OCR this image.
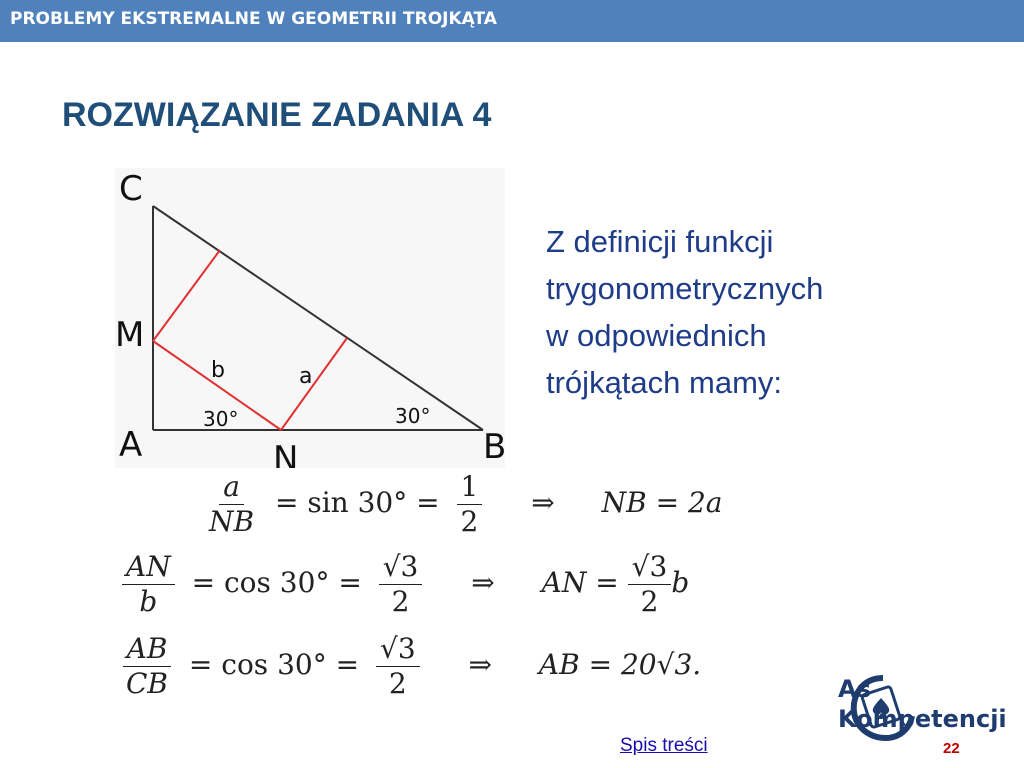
PROBLEMY EKSTREMALNE W GEOMETRII TROJKĄTA
ROZWIĄZANIE ZADANIA 4
C
M
A	N	B
b	a
30°	30°
Z definicji funkcji
trygonometrycznych
w odpowiednich
trójkątach mamy:
$\frac{a}{NB} = \sin 30^\circ = \frac{1}{2}$ ⇒ NB = 2a
$\frac{AN}{b} = \cos 30^\circ = \frac{√3}{2}$ ⇒ AN = $\frac{√3}{2}$ b
$\frac{AB}{CB} = \cos 30^\circ = \frac{√3}{2}$ ⇒ AB = 20√3.
As
Kompetencji
Spis treści	22
